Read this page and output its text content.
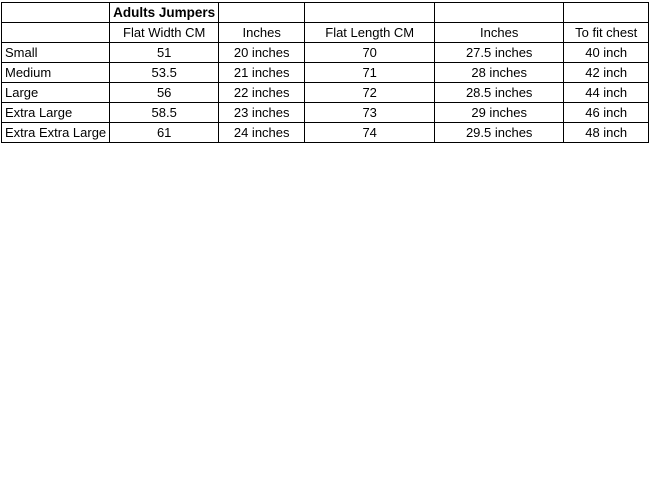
	Adults Jumpers				
	Flat Width CM	Inches	Flat Length CM	Inches	To fit chest
Small	51	20 inches	70	27.5 inches	40 inch
Medium	53.5	21 inches	71	28 inches	42 inch
Large	56	22 inches	72	28.5 inches	44 inch
Extra Large	58.5	23 inches	73	29 inches	46 inch
Extra Extra Large	61	24 inches	74	29.5 inches	48 inch
